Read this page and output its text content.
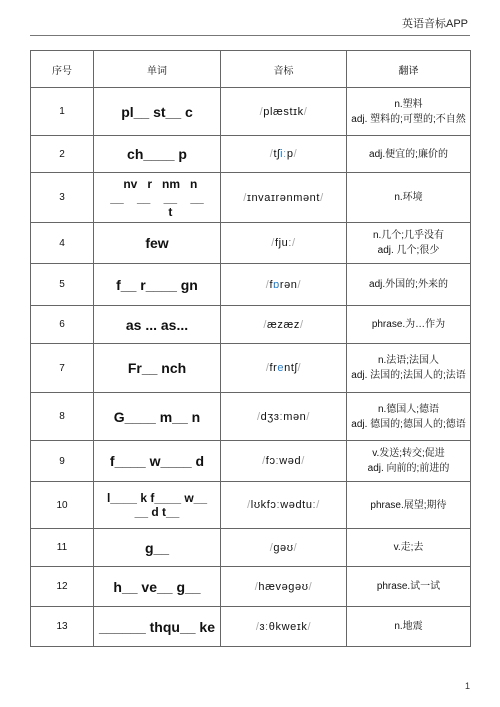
英语音标APP
序号	单词	音标	翻译
1	pl__ st__ c	/plæstɪk/	n.塑料
adj. 塑料的;可塑的;不自然

2	ch____ p	/tʃiːp/	adj.便宜的;廉价的

3	nv   r   nm   n
__    __    __    __
t	/ɪnvaɪrənmənt/	n.环境

4	few	/fjuː/	n.几个;几乎没有
adj. 几个;很少

5	f__ r____ gn	/fɒrən/	adj.外国的;外来的

6	as ... as...	/æzæz/	phrase.为…作为

7	Fr__ nch	/frentʃ/	n.法语;法国人
adj. 法国的;法国人的;法语

8	G____ m__ n	/dʒɜːmən/	n.德国人;德语
adj. 德国的;德国人的;德语

9	f____ w____ d	/fɔːwəd/	v.发送;转交;促进
adj. 向前的;前进的

10	l____ k f____ w__
__ d t__	/lʊkfɔːwədtuː/	phrase.展望;期待

11	g__	/gəʊ/	v.走;去

12	h__ ve__ g__	/hævəgəʊ/	phrase.试一试

13	______ thqu__ ke	/ɜːθkweɪk/	n.地震
1
